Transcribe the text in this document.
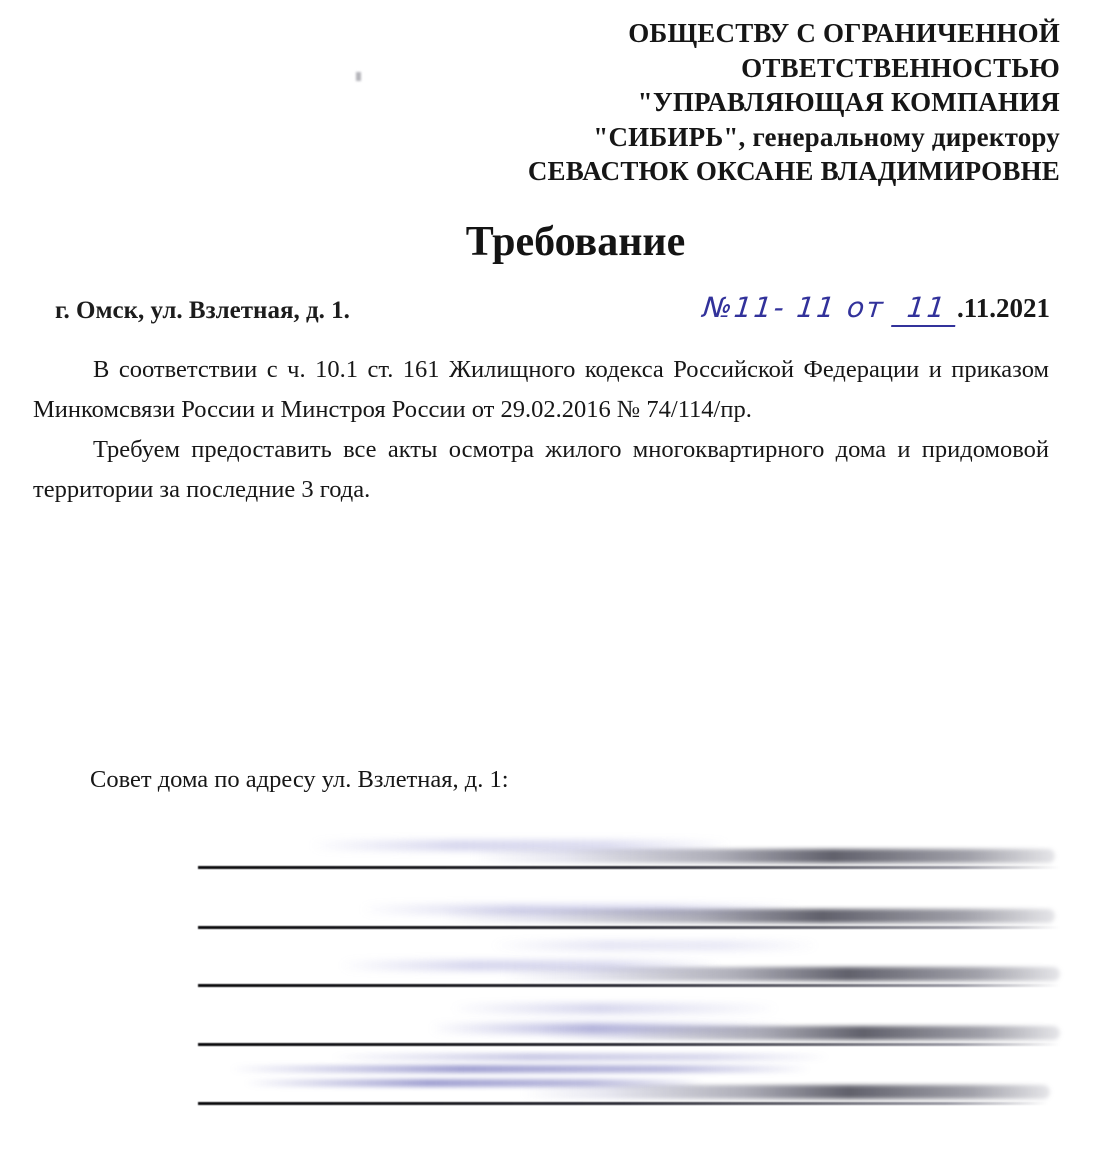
ОБЩЕСТВУ С ОГРАНИЧЕННОЙ
ОТВЕТСТВЕННОСТЬЮ
"УПРАВЛЯЮЩАЯ КОМПАНИЯ
"СИБИРЬ", генеральному директору
СЕВАСТЮК ОКСАНЕ ВЛАДИМИРОВНЕ
Требование
г. Омск, ул. Взлетная, д. 1.	№11- 11 от 11 .11.2021
В соответствии с ч. 10.1 ст. 161 Жилищного кодекса Российской Федерации и приказом Минкомсвязи России и Минстроя России от 29.02.2016 № 74/114/пр.
Требуем предоставить все акты осмотра жилого многоквартирного дома и придомовой территории за последние 3 года.
Совет дома по адресу ул. Взлетная, д. 1:
